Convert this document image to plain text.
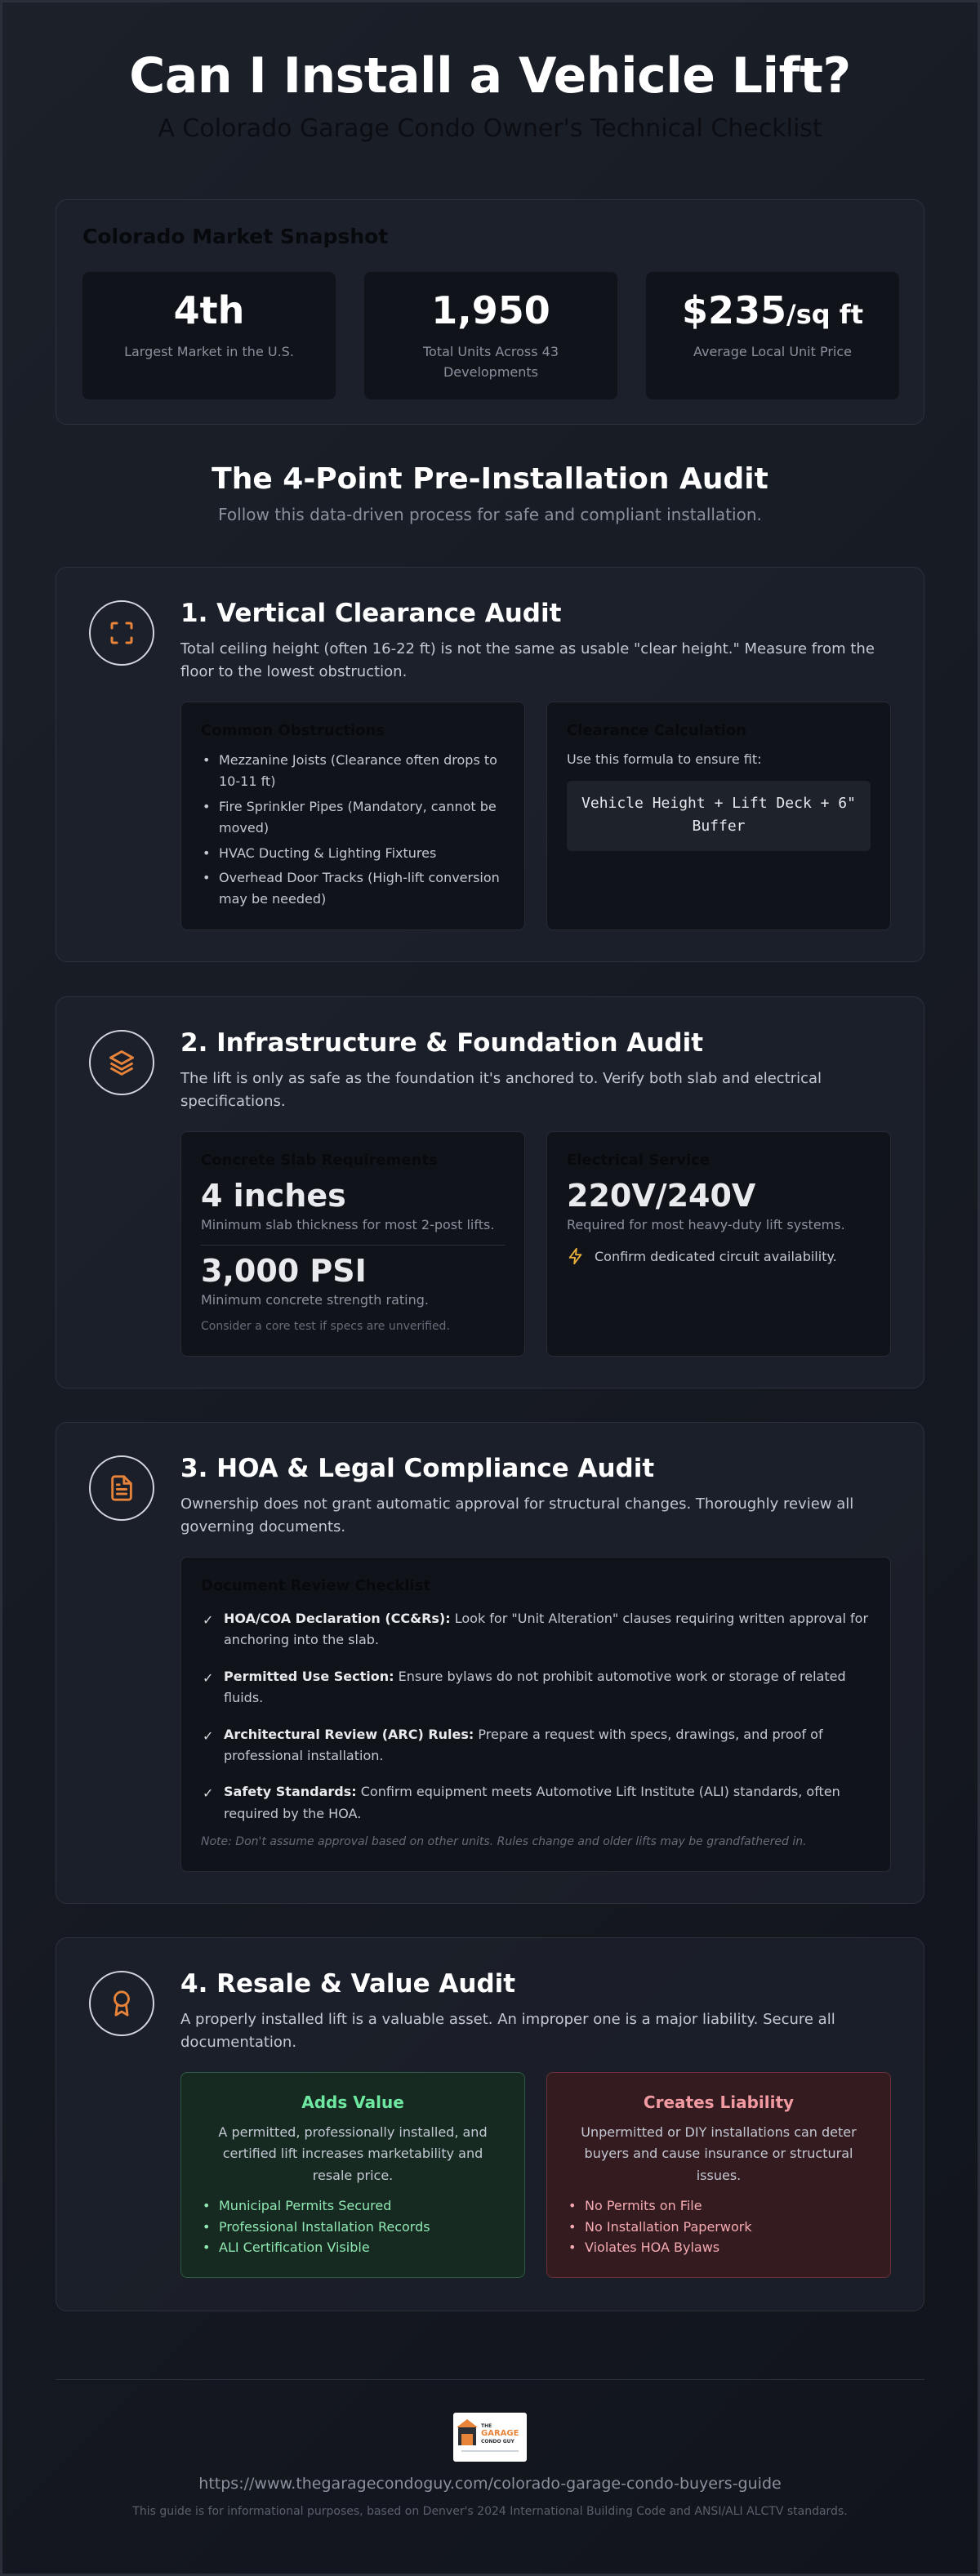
Can I Install a Vehicle Lift?
A Colorado Garage Condo Owner's Technical Checklist
Colorado Market Snapshot
4th
Largest Market in the U.S.
1,950
Total Units Across 43 Developments
$235/sq ft
Average Local Unit Price
The 4-Point Pre-Installation Audit
Follow this data-driven process for safe and compliant installation.
1. Vertical Clearance Audit
Total ceiling height (often 16-22 ft) is not the same as usable "clear height." Measure from the floor to the lowest obstruction.
Common Obstructions
• Mezzanine Joists (Clearance often drops to 10-11 ft)
• Fire Sprinkler Pipes (Mandatory, cannot be moved)
• HVAC Ducting & Lighting Fixtures
• Overhead Door Tracks (High-lift conversion may be needed)
Clearance Calculation
Use this formula to ensure fit:
Vehicle Height + Lift Deck + 6" Buffer
2. Infrastructure & Foundation Audit
The lift is only as safe as the foundation it's anchored to. Verify both slab and electrical specifications.
Concrete Slab Requirements
4 inches
Minimum slab thickness for most 2-post lifts.
3,000 PSI
Minimum concrete strength rating.
Consider a core test if specs are unverified.
Electrical Service
220V/240V
Required for most heavy-duty lift systems.
Confirm dedicated circuit availability.
3. HOA & Legal Compliance Audit
Ownership does not grant automatic approval for structural changes. Thoroughly review all governing documents.
Document Review Checklist
✓ HOA/COA Declaration (CC&Rs): Look for "Unit Alteration" clauses requiring written approval for anchoring into the slab.
✓ Permitted Use Section: Ensure bylaws do not prohibit automotive work or storage of related fluids.
✓ Architectural Review (ARC) Rules: Prepare a request with specs, drawings, and proof of professional installation.
✓ Safety Standards: Confirm equipment meets Automotive Lift Institute (ALI) standards, often required by the HOA.
Note: Don't assume approval based on other units. Rules change and older lifts may be grandfathered in.
4. Resale & Value Audit
A properly installed lift is a valuable asset. An improper one is a major liability. Secure all documentation.
Adds Value
A permitted, professionally installed, and certified lift increases marketability and resale price.
• Municipal Permits Secured
• Professional Installation Records
• ALI Certification Visible
Creates Liability
Unpermitted or DIY installations can deter buyers and cause insurance or structural issues.
• No Permits on File
• No Installation Paperwork
• Violates HOA Bylaws
THE
GARAGE
CONDO GUY
https://www.thegaragecondoguy.com/colorado-garage-condo-buyers-guide
This guide is for informational purposes, based on Denver's 2024 International Building Code and ANSI/ALI ALCTV standards.
